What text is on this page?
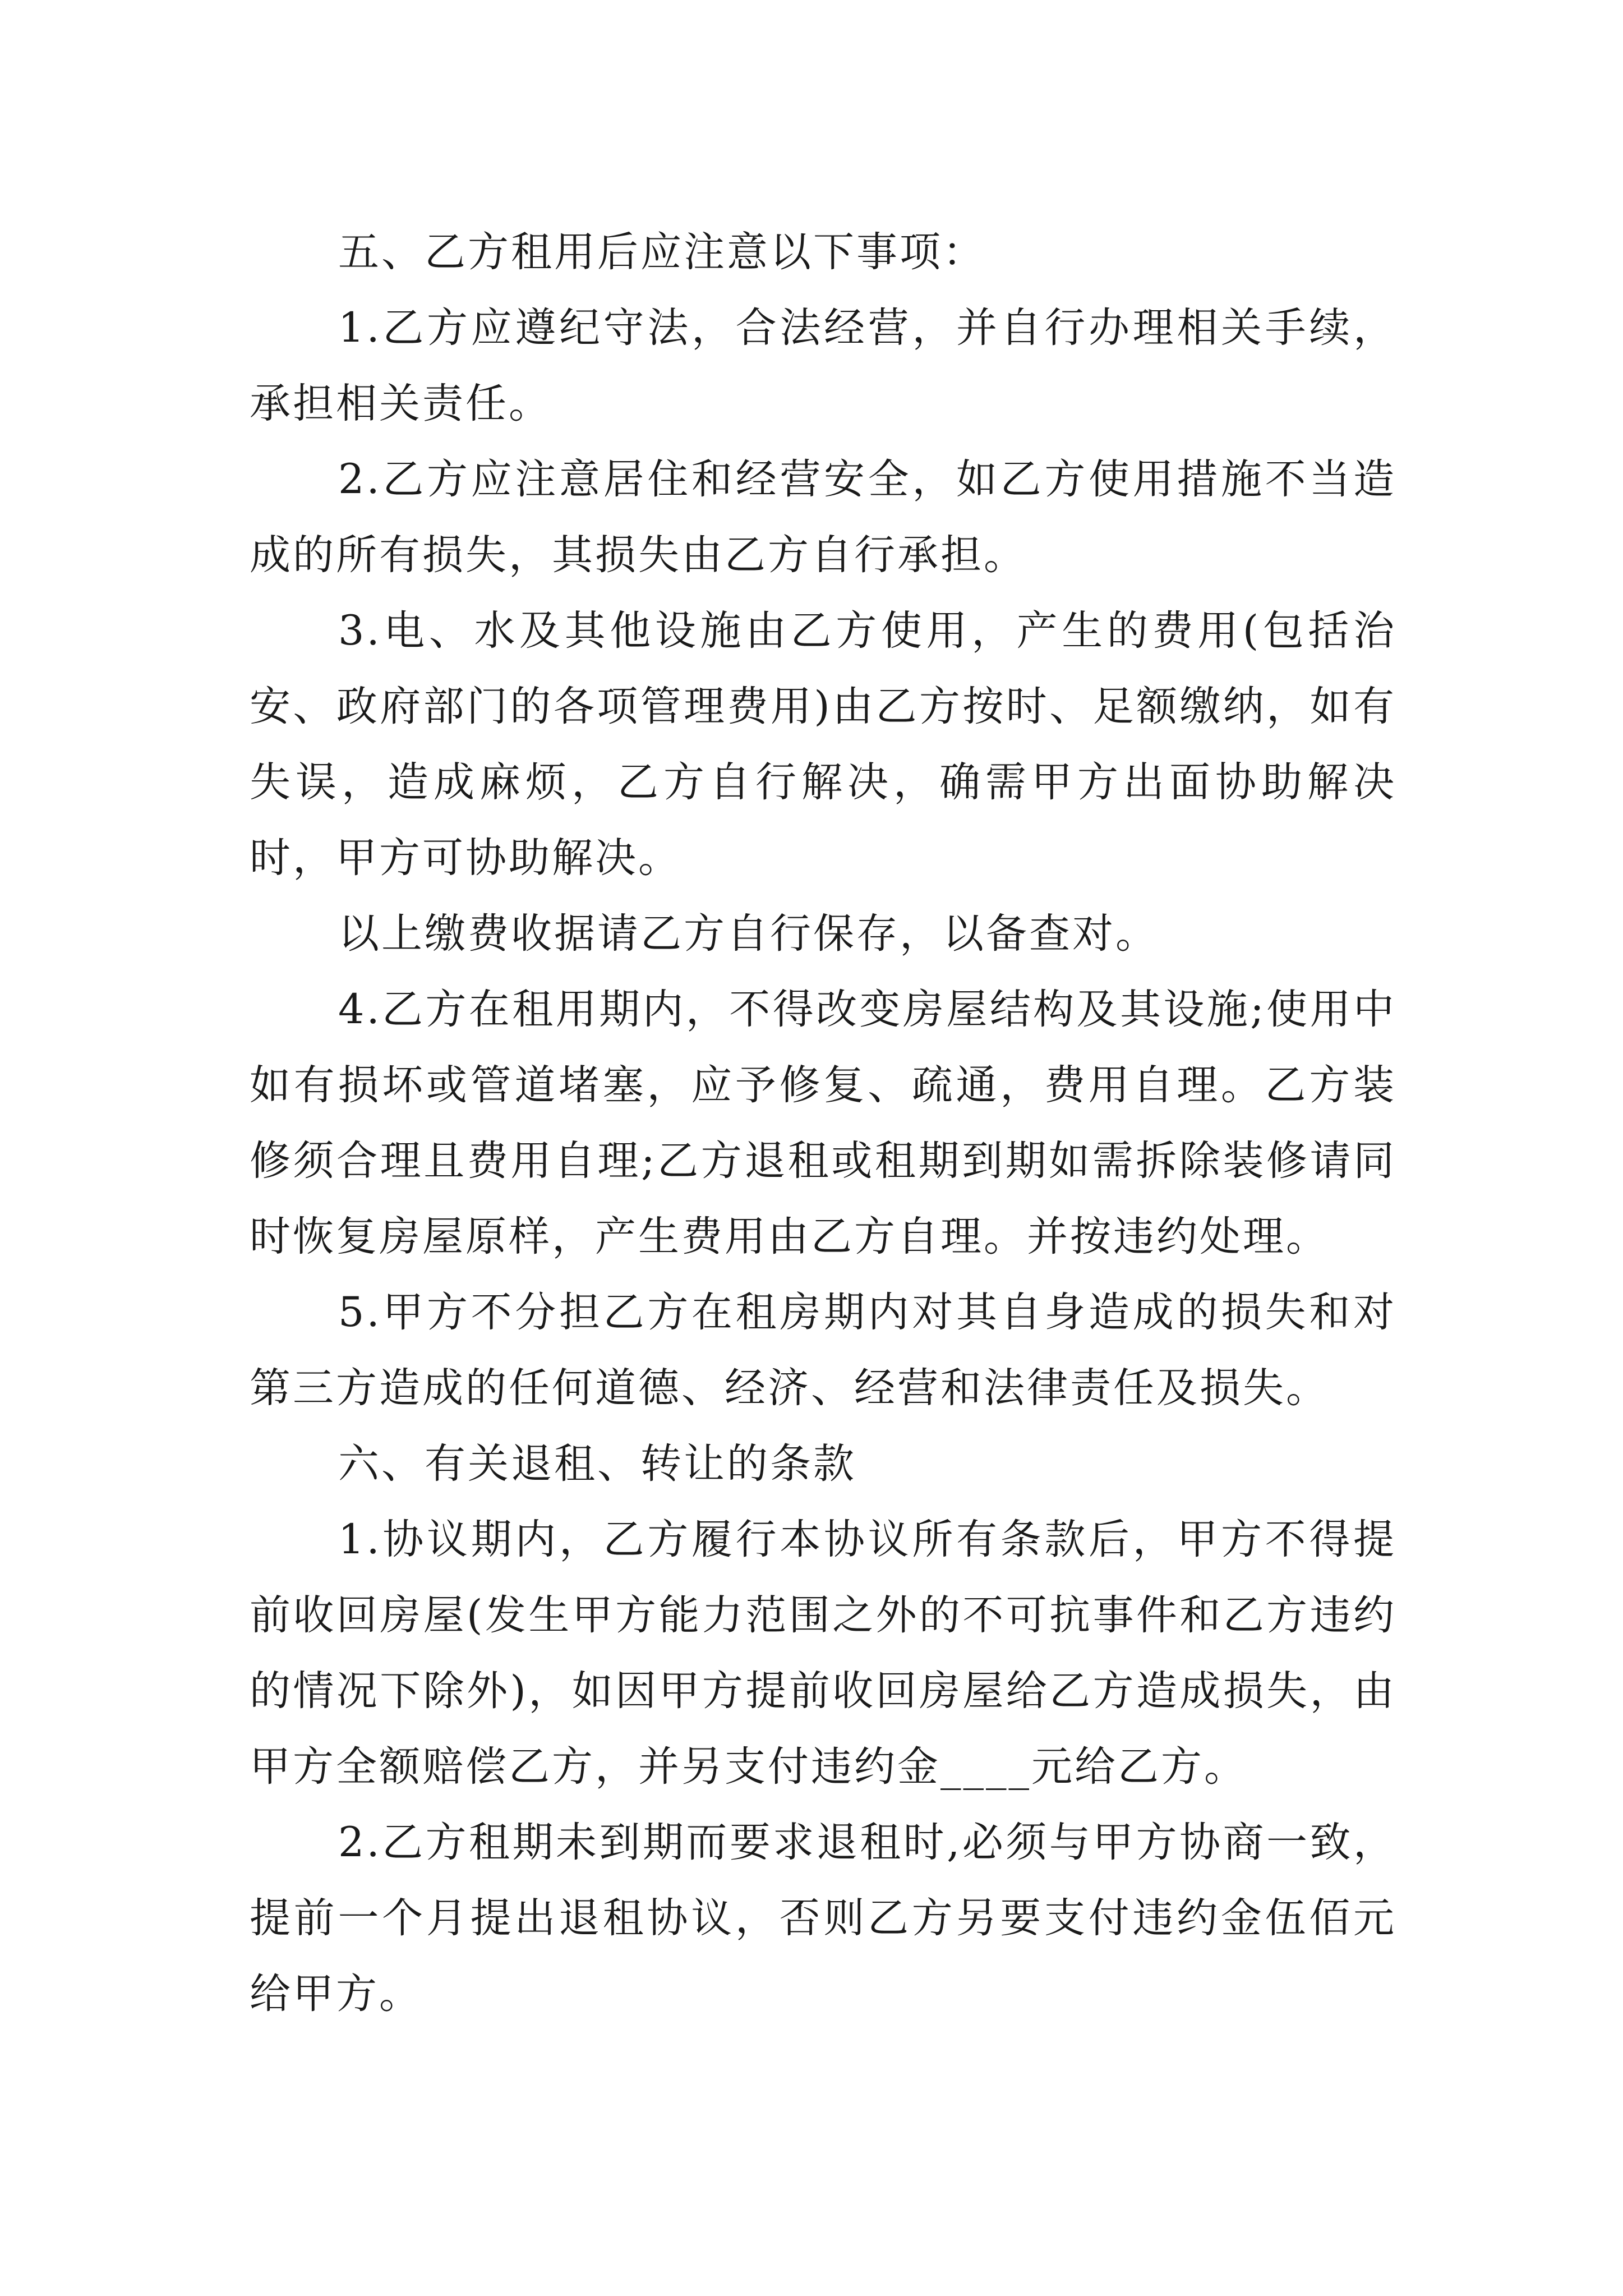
五、乙方租用后应注意以下事项：

1.乙方应遵纪守法，合法经营，并自行办理相关手续，承担相关责任。

2.乙方应注意居住和经营安全，如乙方使用措施不当造成的所有损失，其损失由乙方自行承担。

3.电、水及其他设施由乙方使用，产生的费用(包括治安、政府部门的各项管理费用)由乙方按时、足额缴纳，如有失误，造成麻烦，乙方自行解决，确需甲方出面协助解决时，甲方可协助解决。

以上缴费收据请乙方自行保存，以备查对。

4.乙方在租用期内，不得改变房屋结构及其设施;使用中如有损坏或管道堵塞，应予修复、疏通，费用自理。乙方装修须合理且费用自理;乙方退租或租期到期如需拆除装修请同时恢复房屋原样，产生费用由乙方自理。并按违约处理。

5.甲方不分担乙方在租房期内对其自身造成的损失和对第三方造成的任何道德、经济、经营和法律责任及损失。

六、有关退租、转让的条款

1.协议期内，乙方履行本协议所有条款后，甲方不得提前收回房屋(发生甲方能力范围之外的不可抗事件和乙方违约的情况下除外)，如因甲方提前收回房屋给乙方造成损失，由甲方全额赔偿乙方，并另支付违约金____元给乙方。

2.乙方租期未到期而要求退租时,必须与甲方协商一致，提前一个月提出退租协议，否则乙方另要支付违约金伍佰元给甲方。
